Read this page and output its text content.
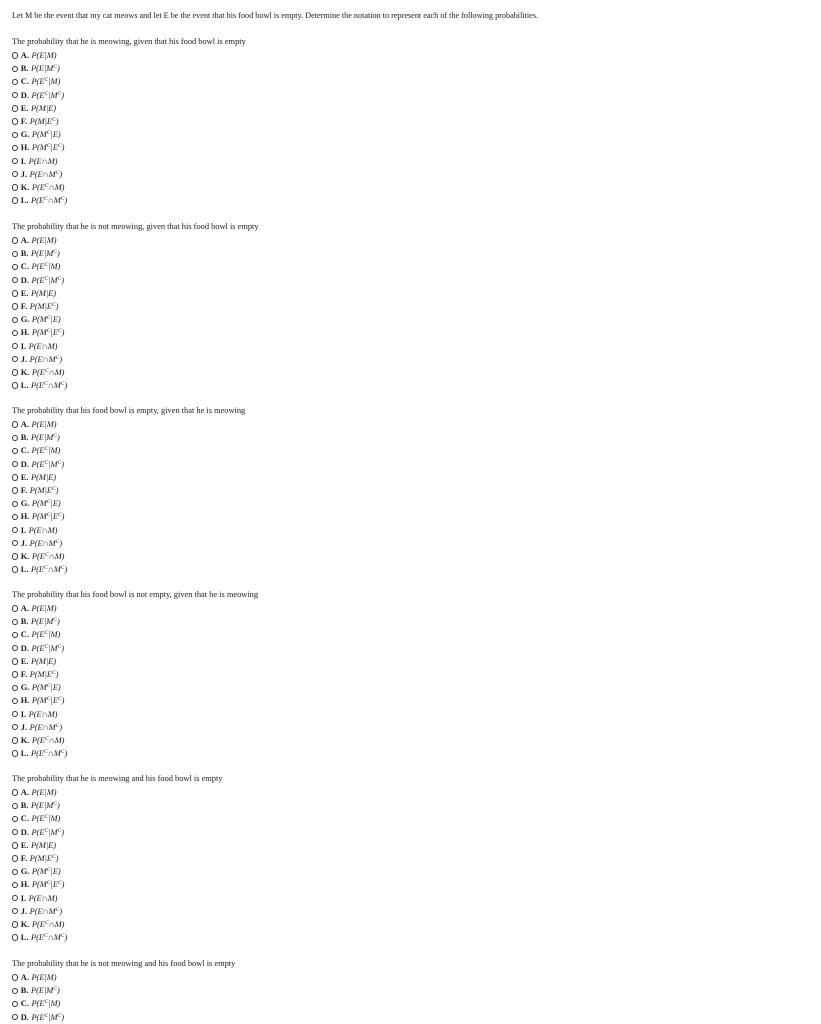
Let M be the event that my cat meows and let E be the event that his food bowl is empty. Determine the notation to represent each of the following probabilities.
The probability that he is meowing, given that his food bowl is empty
A. P(E|M)
B. $P(E|M^C)$
C. $P(E^C|M)$
D. $P(E^C|M^C)$
E. P(M|E)
F. $P(M|E^C)$
G. $P(M^C|E)$
H. $P(M^C|E^C)$
I. P(E∩M)
J. $P(E\cap M^C)$
K. $P(E^C\cap M)$
L. $P(E^C\cap M^C)$
The probability that he is not meowing, given that his food bowl is empty
A. P(E|M)
B. $P(E|M^C)$
C. $P(E^C|M)$
D. $P(E^C|M^C)$
E. P(M|E)
F. $P(M|E^C)$
G. $P(M^C|E)$
H. $P(M^C|E^C)$
I. P(E∩M)
J. $P(E\cap M^C)$
K. $P(E^C\cap M)$
L. $P(E^C\cap M^C)$
The probability that his food bowl is empty, given that he is meowing
A. P(E|M)
B. $P(E|M^C)$
C. $P(E^C|M)$
D. $P(E^C|M^C)$
E. P(M|E)
F. $P(M|E^C)$
G. $P(M^C|E)$
H. $P(M^C|E^C)$
I. P(E∩M)
J. $P(E\cap M^C)$
K. $P(E^C\cap M)$
L. $P(E^C\cap M^C)$
The probability that his food bowl is not empty, given that he is meowing
A. P(E|M)
B. $P(E|M^C)$
C. $P(E^C|M)$
D. $P(E^C|M^C)$
E. P(M|E)
F. $P(M|E^C)$
G. $P(M^C|E)$
H. $P(M^C|E^C)$
I. P(E∩M)
J. $P(E\cap M^C)$
K. $P(E^C\cap M)$
L. $P(E^C\cap M^C)$
The probability that he is meowing and his food bowl is empty
A. P(E|M)
B. $P(E|M^C)$
C. $P(E^C|M)$
D. $P(E^C|M^C)$
E. P(M|E)
F. $P(M|E^C)$
G. $P(M^C|E)$
H. $P(M^C|E^C)$
I. P(E∩M)
J. $P(E\cap M^C)$
K. $P(E^C\cap M)$
L. $P(E^C\cap M^C)$
The probability that he is not meowing and his food bowl is empty
A. P(E|M)
B. $P(E|M^C)$
C. $P(E^C|M)$
D. $P(E^C|M^C)$
